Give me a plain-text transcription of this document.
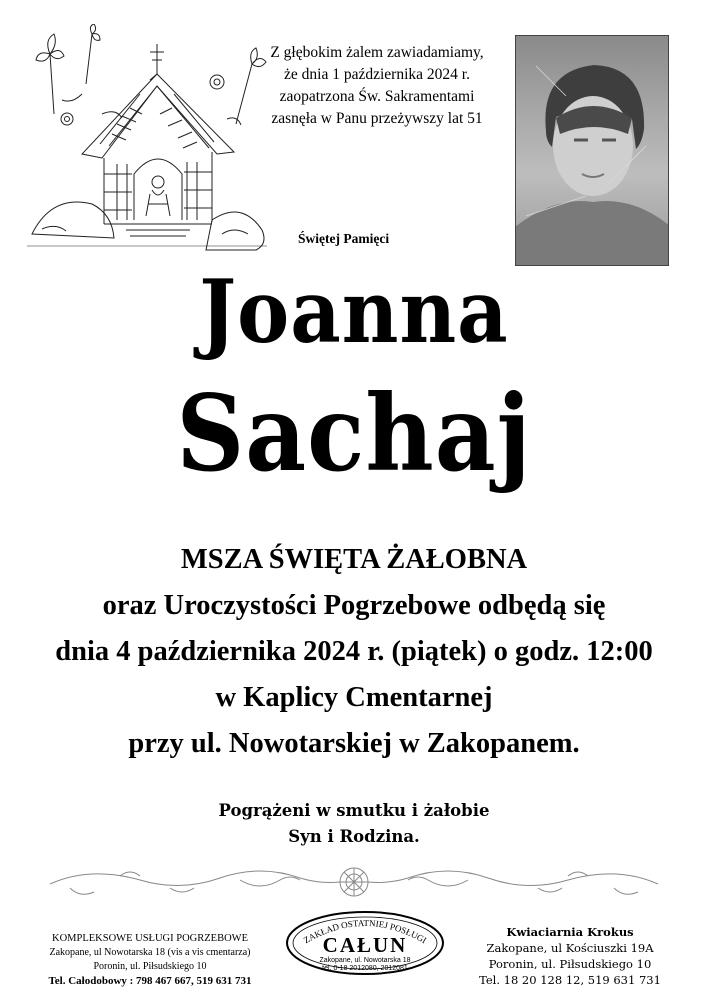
Z głębokim żalem zawiadamiamy,
że dnia 1 października 2024 r.
zaopatrzona Św. Sakramentami
zasnęła w Panu przeżywszy lat 51
Świętej Pamięci
Joanna
Sachaj
MSZA ŚWIĘTA ŻAŁOBNA
oraz Uroczystości Pogrzebowe odbędą się
dnia 4 października 2024 r. (piątek) o godz. 12:00
w Kaplicy Cmentarnej
przy ul. Nowotarskiej w Zakopanem.
Pogrążeni w smutku i żałobie
Syn i Rodzina.
KOMPLEKSOWE USŁUGI POGRZEBOWE
Zakopane, ul Nowotarska 18 (vis a vis cmentarza)
Poronin, ul. Piłsudskiego 10
Tel. Całodobowy : 798 467 667, 519 631 731
ZAKŁAD OSTATNIEJ POSŁUGI
CAŁUN
Zakopane, ul. Nowotarska 18
tel. 0-18 2012080, 2012081
Kwiaciarnia Krokus
Zakopane, ul Kościuszki 19A
Poronin, ul. Piłsudskiego 10
Tel. 18 20 128 12, 519 631 731
